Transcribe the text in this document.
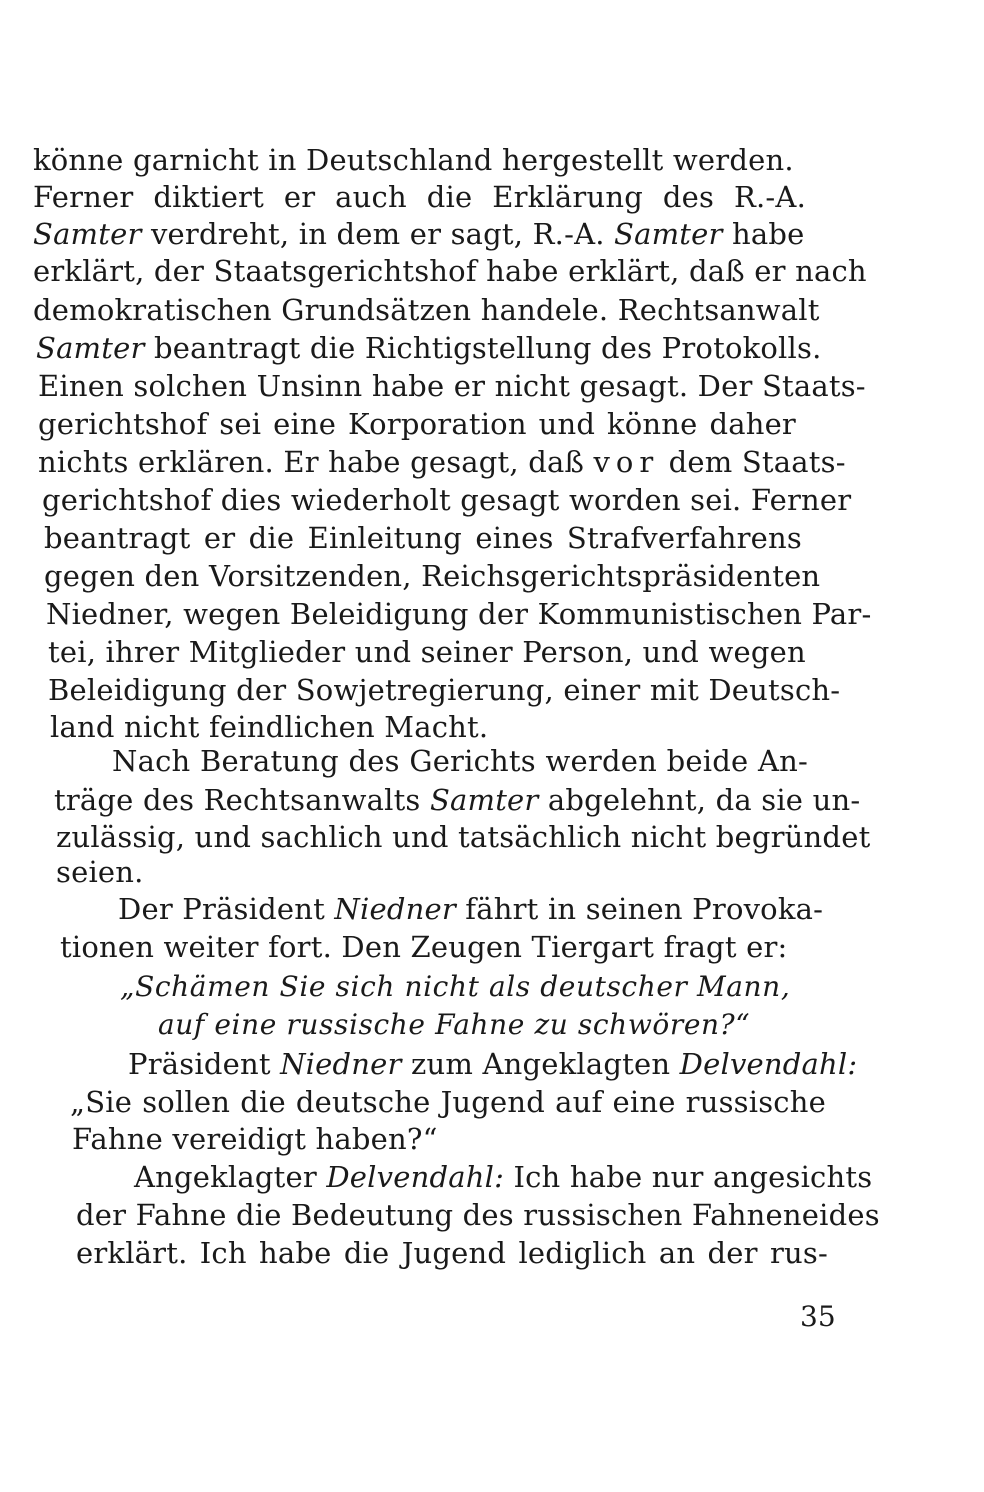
könne garnicht in Deutschland hergestellt werden.
Ferner diktiert er auch die Erklärung des R.-A.
Samter verdreht, in dem er sagt, R.-A. Samter habe
erklärt, der Staatsgerichtshof habe erklärt, daß er nach
demokratischen Grundsätzen handele. Rechtsanwalt
Samter beantragt die Richtigstellung des Protokolls.
Einen solchen Unsinn habe er nicht gesagt. Der Staats-
gerichtshof sei eine Korporation und könne daher
nichts erklären. Er habe gesagt, daß vor dem Staats-
gerichtshof dies wiederholt gesagt worden sei. Ferner
beantragt er die Einleitung eines Strafverfahrens
gegen den Vorsitzenden, Reichsgerichtspräsidenten
Niedner, wegen Beleidigung der Kommunistischen Par-
tei, ihrer Mitglieder und seiner Person, und wegen
Beleidigung der Sowjetregierung, einer mit Deutsch-
land nicht feindlichen Macht.
Nach Beratung des Gerichts werden beide An-
träge des Rechtsanwalts Samter abgelehnt, da sie un-
zulässig, und sachlich und tatsächlich nicht begründet
seien.
Der Präsident Niedner fährt in seinen Provoka-
tionen weiter fort. Den Zeugen Tiergart fragt er:
„Schämen Sie sich nicht als deutscher Mann,
auf eine russische Fahne zu schwören?“
Präsident Niedner zum Angeklagten Delvendahl:
„Sie sollen die deutsche Jugend auf eine russische
Fahne vereidigt haben?“
Angeklagter Delvendahl: Ich habe nur angesichts
der Fahne die Bedeutung des russischen Fahneneides
erklärt. Ich habe die Jugend lediglich an der rus-
35
